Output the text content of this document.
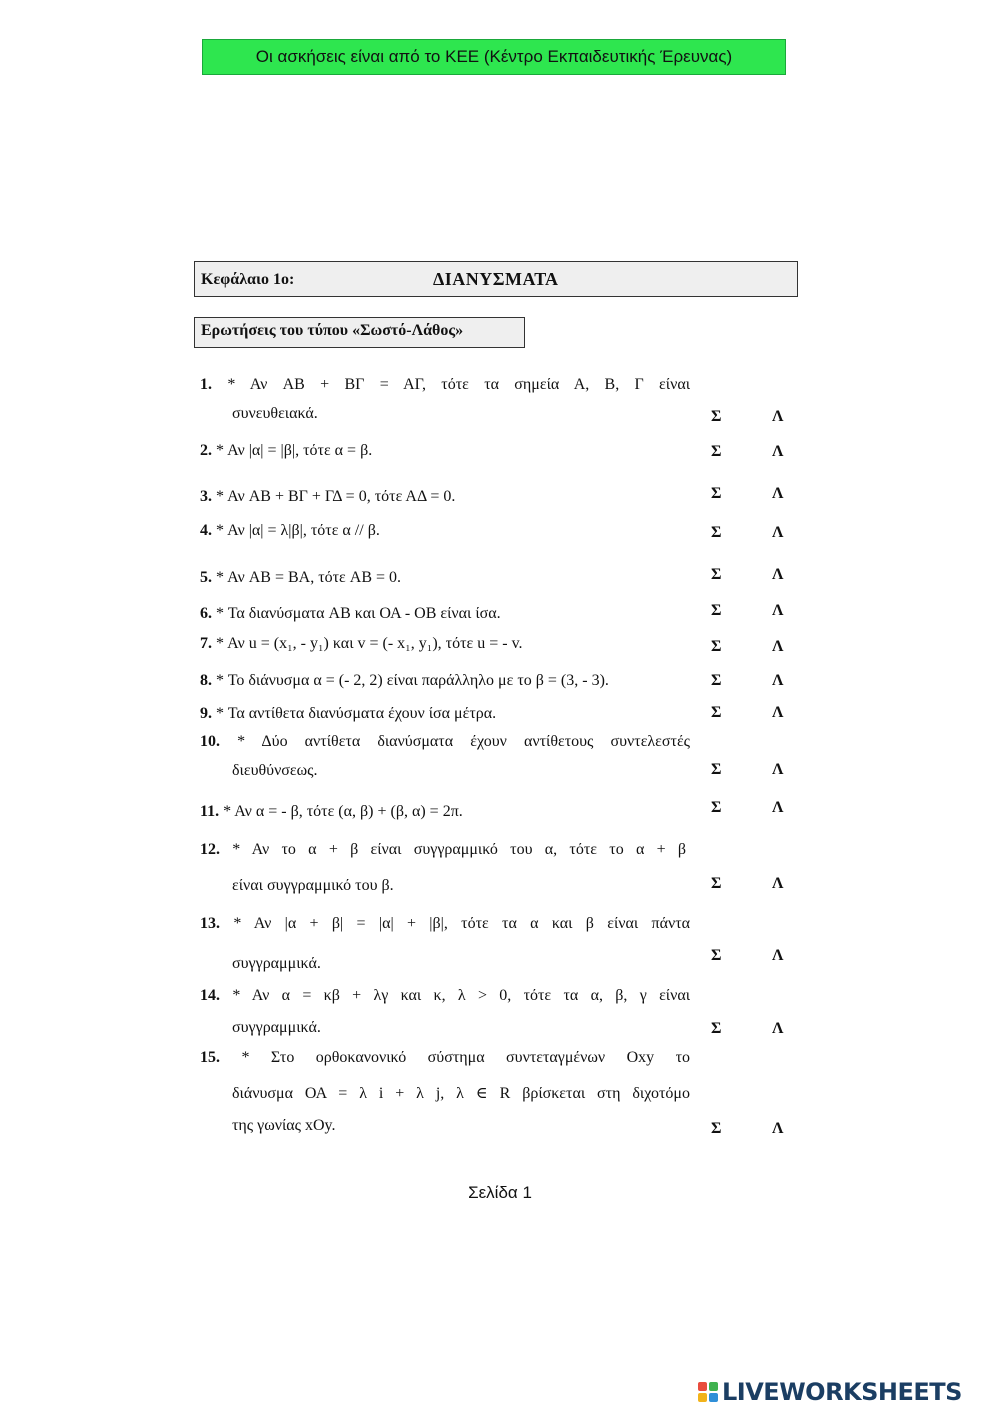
Οι ασκήσεις είναι από το ΚΕΕ (Κέντρο Εκπαιδευτικής Έρευνας)
Κεφάλαιο 1ο:	ΔΙΑΝΥΣΜΑΤΑ
Ερωτήσεις του τύπου «Σωστό-Λάθος»
1. * Αν AB + ΒΓ = ΑΓ, τότε τα σημεία Α, Β, Γ είναι
συνευθειακά.	Σ	Λ
2. * Αν |α| = |β|, τότε α = β.	Σ	Λ
3. * Αν AB + ΒΓ + ΓΔ = 0, τότε ΑΔ = 0.	Σ	Λ
4. * Αν |α| = λ|β|, τότε α // β.	Σ	Λ
5. * Αν AB = ΒΑ, τότε AB = 0.	Σ	Λ
6. * Τα διανύσματα AB και ΟΑ - ΟΒ είναι ίσα.	Σ	Λ
7. * Αν u = (x₁, - y₁) και v = (- x₁, y₁), τότε u = - v.	Σ	Λ
8. * Το διάνυσμα α = (- 2, 2) είναι παράλληλο με το β = (3, - 3).	Σ	Λ
9. * Τα αντίθετα διανύσματα έχουν ίσα μέτρα.	Σ	Λ
10. * Δύο αντίθετα διανύσματα έχουν αντίθετους συντελεστές
διευθύνσεως.	Σ	Λ
11. * Αν α = - β, τότε (α, β) + (β, α) = 2π.	Σ	Λ
12. * Αν το α + β είναι συγγραμμικό του α, τότε το α + β
είναι συγγραμμικό του β.	Σ	Λ
13. * Αν |α + β| = |α| + |β|, τότε τα α και β είναι πάντα
συγγραμμικά.	Σ	Λ
14. * Αν α = κβ + λγ και κ, λ > 0, τότε τα α, β, γ είναι
συγγραμμικά.	Σ	Λ
15. * Στο ορθοκανονικό σύστημα συντεταγμένων Oxy το
διάνυσμα ΟΑ = λ i + λ j, λ ∈ R βρίσκεται στη διχοτόμο
της γωνίας xOy.	Σ	Λ
Σελίδα 1
LIVEWORKSHEETS
